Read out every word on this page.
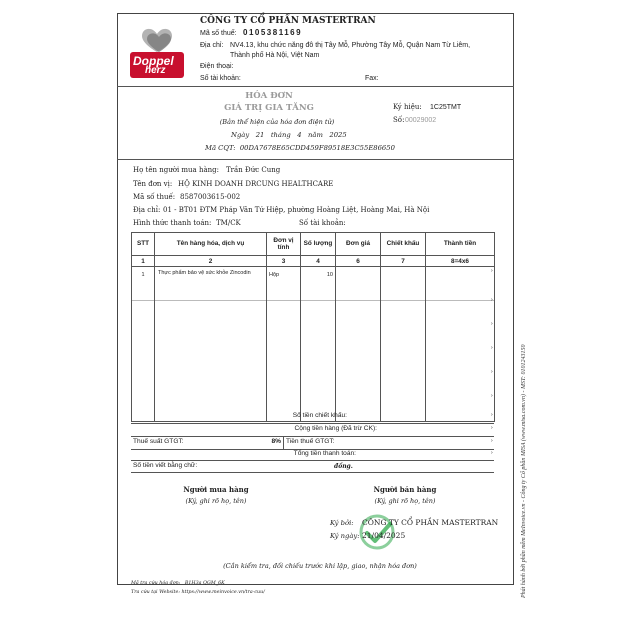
Doppel
herz
CÔNG TY CỔ PHẦN MASTERTRAN
Mã số thuế: 0105381169
Địa chỉ: NV4.13, khu chức năng đô thị Tây Mỗ, Phường Tây Mỗ, Quận Nam Từ Liêm,
Thành phố Hà Nội, Việt Nam
Điện thoại:
Số tài khoản:	Fax:
HÓA ĐƠN
GIÁ TRỊ GIA TĂNG
(Bản thể hiện của hóa đơn điện tử)
Ngày 21 tháng 4 năm 2025
Mã CQT: 00DA7678E65CDD459F89518E3C55E86650
Ký hiệu: 1C25TMT
Số: 00029002
Họ tên người mua hàng: Trần Đức Cung
Tên đơn vị: HỘ KINH DOANH DRCUNG HEALTHCARE
Mã số thuế: 8587003615-002
Địa chỉ: 01 - BT01 ĐTM Pháp Vân Tứ Hiệp, phường Hoàng Liệt, Hoàng Mai, Hà Nội
Hình thức thanh toán: TM/CK	Số tài khoản:
STT	Tên hàng hóa, dịch vụ	Đơn vị tính	Số lượng	Đơn giá	Chiết khấu	Thành tiền
1	2	3	4	6	7	8=4x6
1	Thực phẩm bảo vệ sức khỏe Zincodin	Hộp	10			

›
›
›
›
›
›
Số tiền chiết khấu:
Cộng tiền hàng (Đã trừ CK):
Thuế suất GTGT:	8% Tiền thuế GTGT:
Tổng tiền thanh toán:
›
›
›
›
Số tiền viết bằng chữ:	đồng.
Người mua hàng
(Ký, ghi rõ họ, tên)
Người bán hàng
(Ký, ghi rõ họ, tên)
Ký bởi: CÔNG TY CỔ PHẦN MASTERTRAN
Ký ngày: 21/04/2025
(Cần kiểm tra, đối chiếu trước khi lập, giao, nhận hóa đơn)
Mã tra cứu hóa đơn: B1H3a QGM_6K
Tra cứu tại Website: https://www.meinvoice.vn/tra-cuu/	Phát hành bởi phần mềm MeInvoice.vn - Công ty Cổ phần MISA (www.misa.com.vn) - MST: 0101243150
